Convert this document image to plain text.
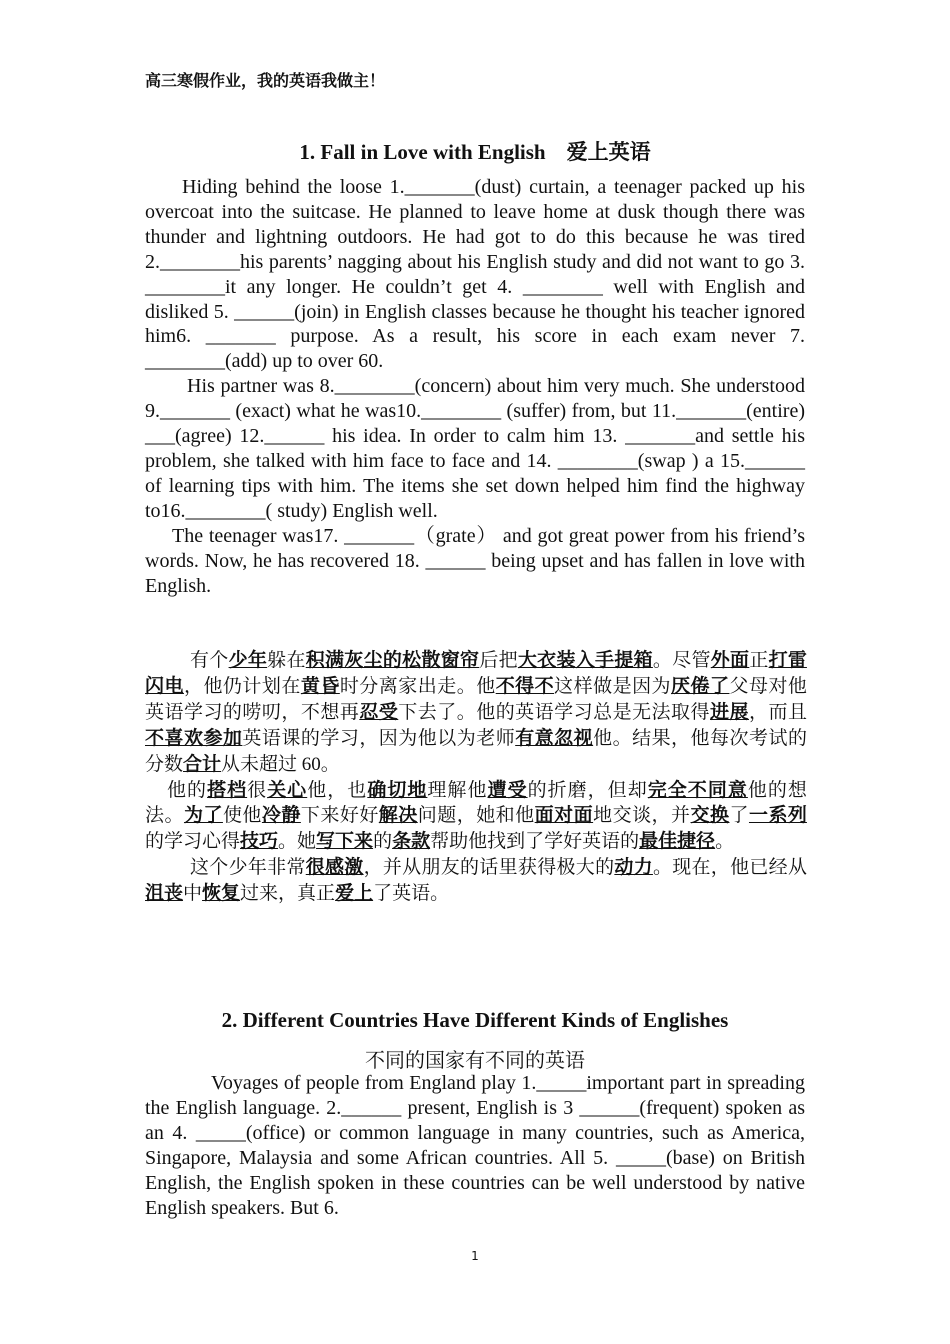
高三寒假作业，我的英语我做主！
1. Fall in Love with English　爱上英语

Hiding behind the loose 1._______(dust) curtain, a teenager packed up his overcoat into the suitcase. He planned to leave home at dusk though there was thunder and lightning outdoors. He had got to do this because he was tired 2.________his parents’ nagging about his English study and did not want to go 3. ________it any longer. He couldn’t get 4. ________ well with English and disliked 5. ______(join) in English classes because he thought his teacher ignored him6. _______ purpose. As a result, his score in each exam never 7. ________(add) up to over 60.

His partner was 8.________(concern) about him very much. She understood 9._______ (exact) what he was10.________ (suffer) from, but 11._______(entire) ___(agree) 12.______ his idea. In order to calm him 13. _______and settle his problem, she talked with him face to face and 14. ________(swap ) a 15.______ of learning tips with him. The items she set down helped him find the highway to16.________( study) English well.

The teenager was17. _______（grate） and got great power from his friend’s words. Now, he has recovered 18. ______ being upset and has fallen in love with English.

有个少年躲在积满灰尘的松散窗帘后把大衣装入手提箱。尽管外面正打雷闪电，他仍计划在黄昏时分离家出走。他不得不这样做是因为厌倦了父母对他英语学习的唠叨，不想再忍受下去了。他的英语学习总是无法取得进展，而且不喜欢参加英语课的学习，因为他以为老师有意忽视他。结果，他每次考试的分数合计从未超过 60。

他的搭档很关心他，也确切地理解他遭受的折磨，但却完全不同意他的想法。为了使他冷静下来好好解决问题，她和他面对面地交谈，并交换了一系列的学习心得技巧。她写下来的条款帮助他找到了学好英语的最佳捷径。

这个少年非常很感激，并从朋友的话里获得极大的动力。现在，他已经从沮丧中恢复过来，真正爱上了英语。

2. Different Countries Have Different Kinds of Englishes
不同的国家有不同的英语

Voyages of people from England play 1._____important part in spreading the English language. 2.______ present, English is 3 ______(frequent) spoken as an 4. _____(office) or common language in many countries, such as America, Singapore, Malaysia and some African countries. All 5. _____(base) on British English, the English spoken in these countries can be well understood by native English speakers. But 6.

1
